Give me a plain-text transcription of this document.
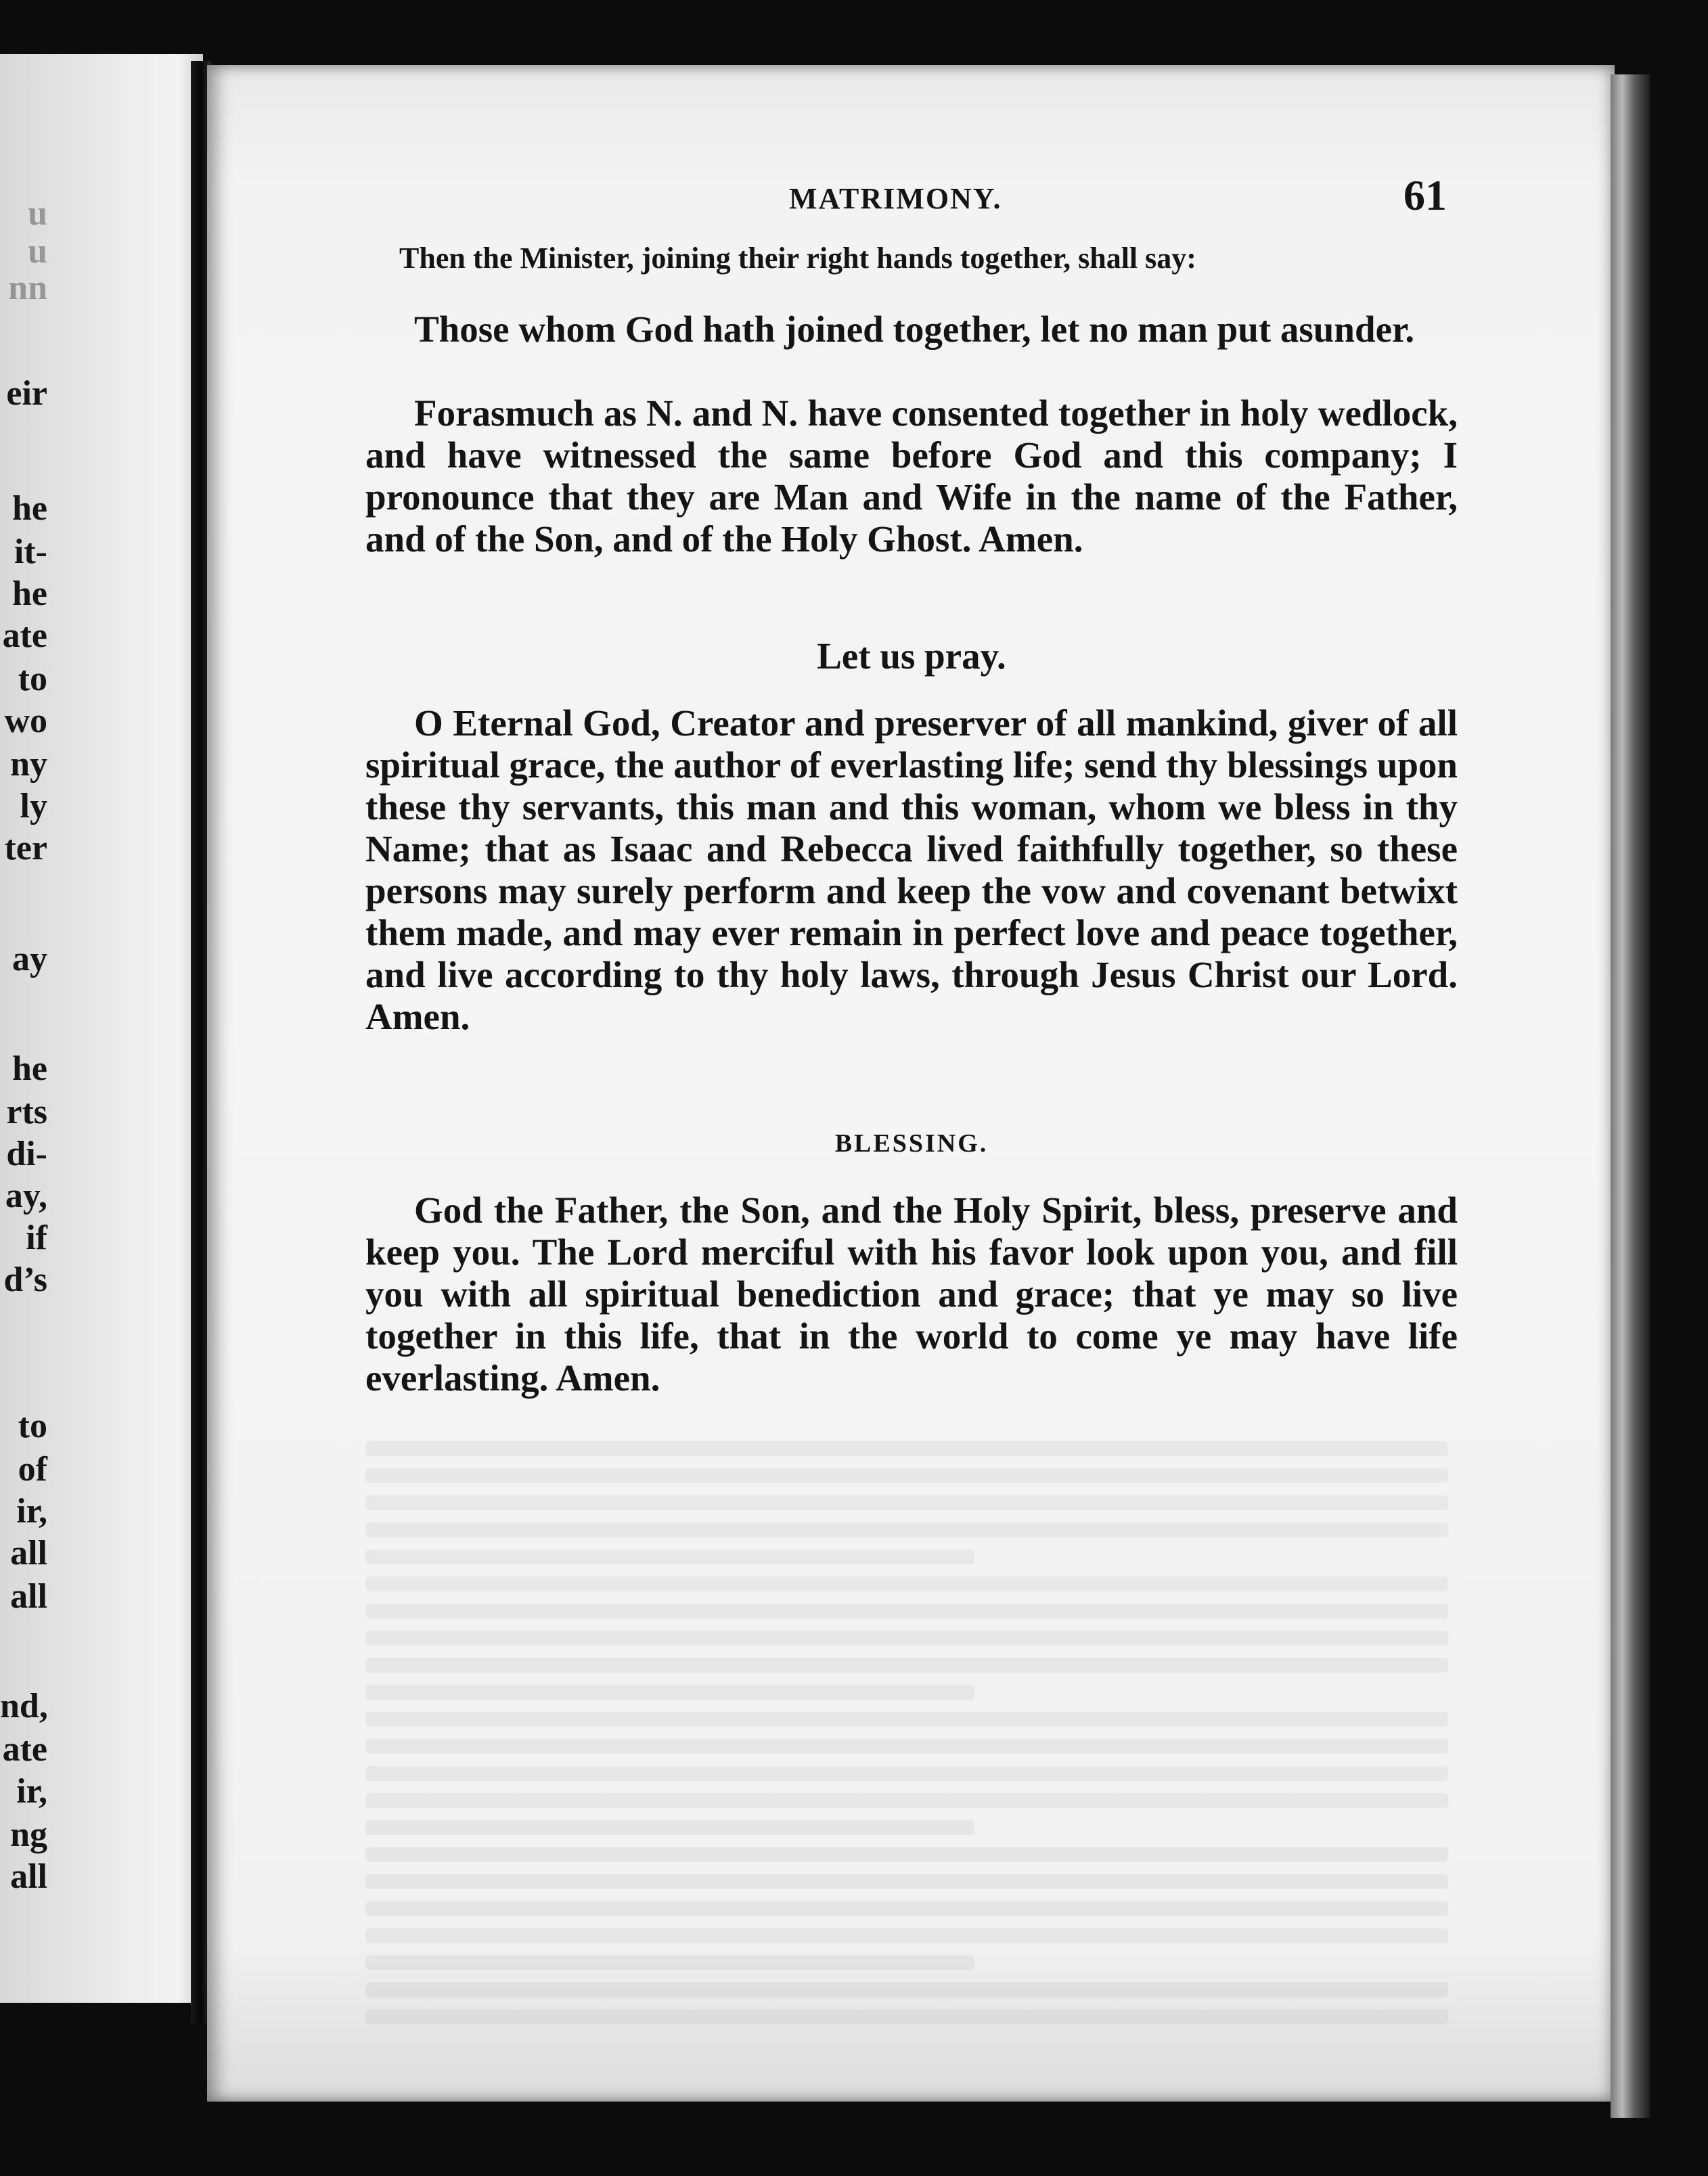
u
u
nn
eir
he
it-
he
ate
to
wo
ny
ly
ter
ay
he
rts
di-
ay,
if
d’s
to
of
ir,
all
all
nd,
ate
ir,
ng
all
MATRIMONY.	61
Then the Minister, joining their right hands together, shall say:

Those whom God hath joined together, let no man put asunder.

Forasmuch as N. and N. have consented together in holy wedlock, and have witnessed the same before God and this company; I pronounce that they are Man and Wife in the name of the Father, and of the Son, and of the Holy Ghost. Amen.

Let us pray.

O Eternal God, Creator and preserver of all mankind, giver of all spiritual grace, the author of everlasting life; send thy blessings upon these thy servants, this man and this woman, whom we bless in thy Name; that as Isaac and Rebecca lived faithfully together, so these persons may surely perform and keep the vow and covenant betwixt them made, and may ever remain in perfect love and peace together, and live according to thy holy laws, through Jesus Christ our Lord. Amen.

BLESSING.

God the Father, the Son, and the Holy Spirit, bless, preserve and keep you. The Lord merciful with his favor look upon you, and fill you with all spiritual benediction and grace; that ye may so live together in this life, that in the world to come ye may have life everlasting. Amen.
